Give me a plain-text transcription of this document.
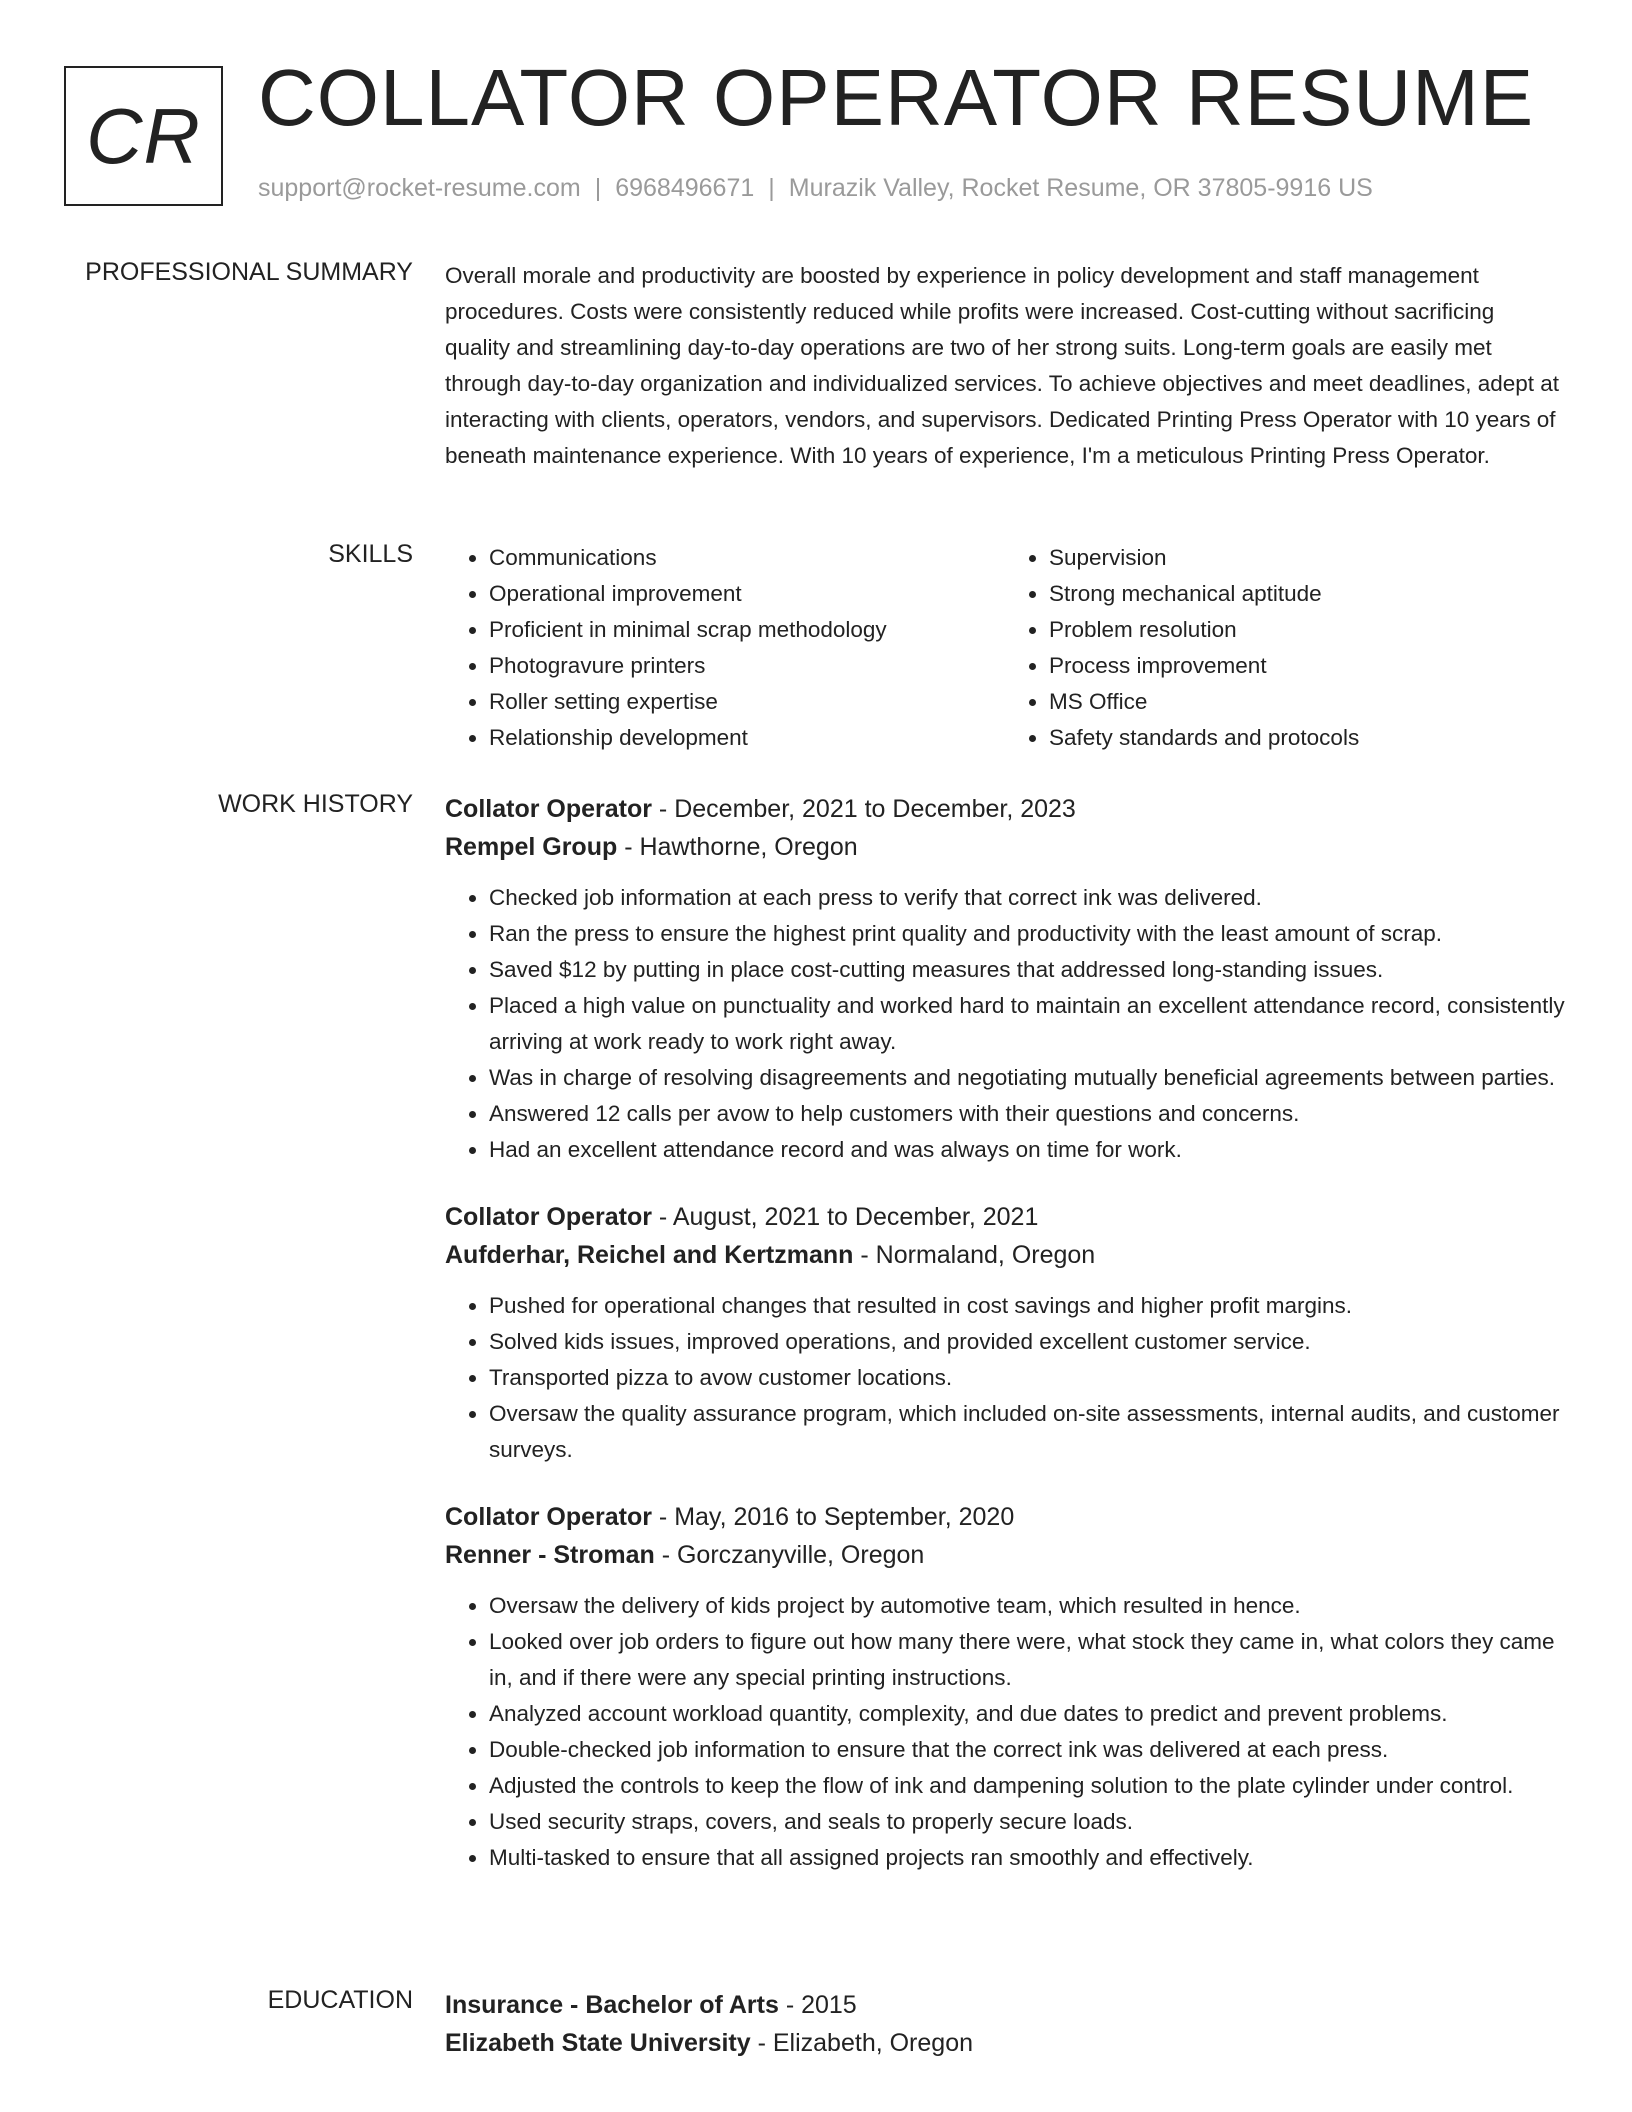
CR COLLATOR OPERATOR RESUME
support@rocket-resume.com | 6968496671 | Murazik Valley, Rocket Resume, OR 37805-9916 US
PROFESSIONAL SUMMARY Overall morale and productivity are boosted by experience in policy development and staff management procedures. Costs were consistently reduced while profits were increased. Cost-cutting without sacrificing quality and streamlining day-to-day operations are two of her strong suits. Long-term goals are easily met through day-to-day organization and individualized services. To achieve objectives and meet deadlines, adept at interacting with clients, operators, vendors, and supervisors. Dedicated Printing Press Operator with 10 years of beneath maintenance experience. With 10 years of experience, I'm a meticulous Printing Press Operator.

SKILLS
•	Communications
• Operational improvement
• Proficient in minimal scrap methodology
• Photogravure printers
• Roller setting expertise
• Relationship development
• Supervision
• Strong mechanical aptitude
• Problem resolution
• Process improvement
• MS Office
• Safety standards and protocols
WORK HISTORY Collator Operator - December, 2021 to December, 2023
Rempel Group - Hawthorne, Oregon
• Checked job information at each press to verify that correct ink was delivered.
• Ran the press to ensure the highest print quality and productivity with the least amount of scrap.
• Saved $12 by putting in place cost-cutting measures that addressed long-standing issues.
• Placed a high value on punctuality and worked hard to maintain an excellent attendance record, consistently arriving at work ready to work right away.
• Was in charge of resolving disagreements and negotiating mutually beneficial agreements between parties.
• Answered 12 calls per avow to help customers with their questions and concerns.
• Had an excellent attendance record and was always on time for work.
Collator Operator - August, 2021 to December, 2021
Aufderhar, Reichel and Kertzmann - Normaland, Oregon
• Pushed for operational changes that resulted in cost savings and higher profit margins.
• Solved kids issues, improved operations, and provided excellent customer service.
• Transported pizza to avow customer locations.
• Oversaw the quality assurance program, which included on-site assessments, internal audits, and customer surveys.
Collator Operator - May, 2016 to September, 2020
Renner - Stroman - Gorczanyville, Oregon
• Oversaw the delivery of kids project by automotive team, which resulted in hence.
• Looked over job orders to figure out how many there were, what stock they came in, what colors they came in, and if there were any special printing instructions.
• Analyzed account workload quantity, complexity, and due dates to predict and prevent problems.
• Double-checked job information to ensure that the correct ink was delivered at each press.
• Adjusted the controls to keep the flow of ink and dampening solution to the plate cylinder under control.
• Used security straps, covers, and seals to properly secure loads.
• Multi-tasked to ensure that all assigned projects ran smoothly and effectively.
EDUCATION Insurance - Bachelor of Arts - 2015
Elizabeth State University - Elizabeth, Oregon
